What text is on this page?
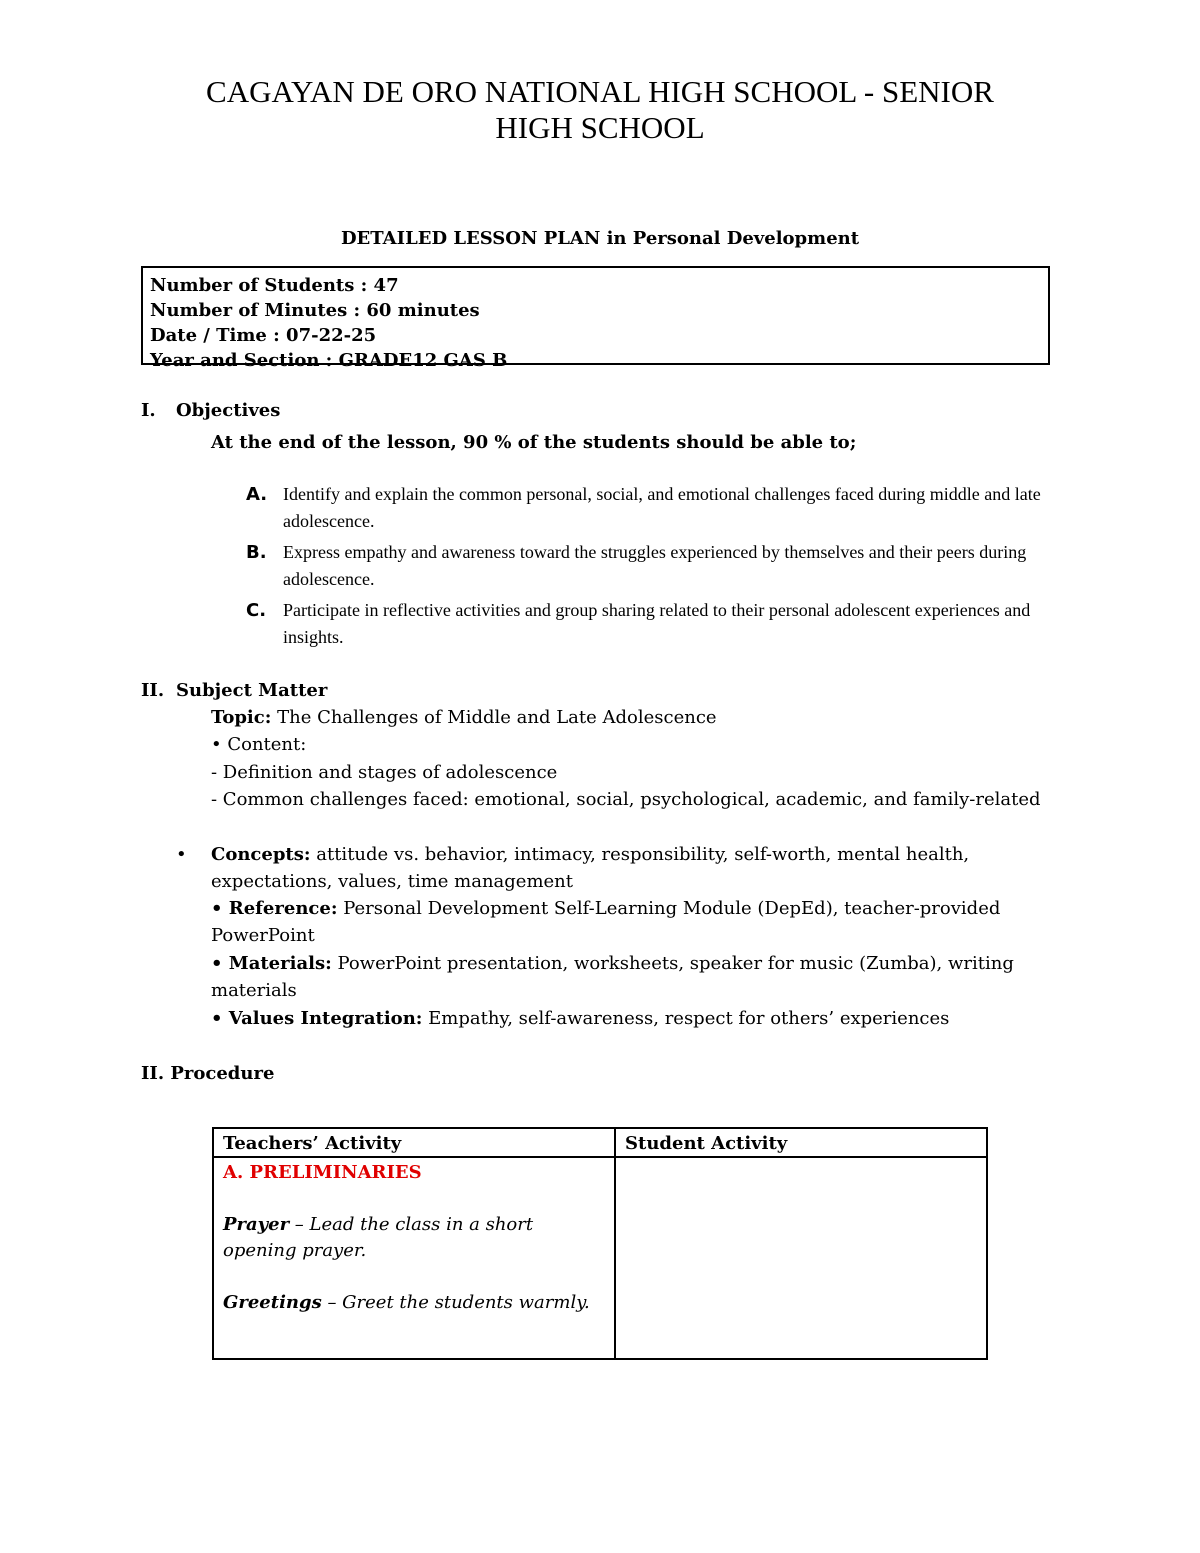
CAGAYAN DE ORO NATIONAL HIGH SCHOOL - SENIOR
HIGH SCHOOL
DETAILED LESSON PLAN in Personal Development
Number of Students : 47
Number of Minutes : 60 minutes
Date / Time : 07-22-25
Year and Section : GRADE12 GAS B
I. Objectives
At the end of the lesson, 90 % of the students should be able to;
A. Identify and explain the common personal, social, and emotional challenges faced during middle and late adolescence.
B. Express empathy and awareness toward the struggles experienced by themselves and their peers during adolescence.
C. Participate in reflective activities and group sharing related to their personal adolescent experiences and insights.
II. Subject Matter
Topic: The Challenges of Middle and Late Adolescence
• Content:
- Definition and stages of adolescence
- Common challenges faced: emotional, social, psychological, academic, and family-related
• Concepts: attitude vs. behavior, intimacy, responsibility, self-worth, mental health, expectations, values, time management
• Reference: Personal Development Self-Learning Module (DepEd), teacher-provided PowerPoint
• Materials: PowerPoint presentation, worksheets, speaker for music (Zumba), writing materials
• Values Integration: Empathy, self-awareness, respect for others’ experiences
II. Procedure
Teachers’ Activity	Student Activity
A. PRELIMINARIES
Prayer – Lead the class in a short opening prayer.
Greetings – Greet the students warmly.
